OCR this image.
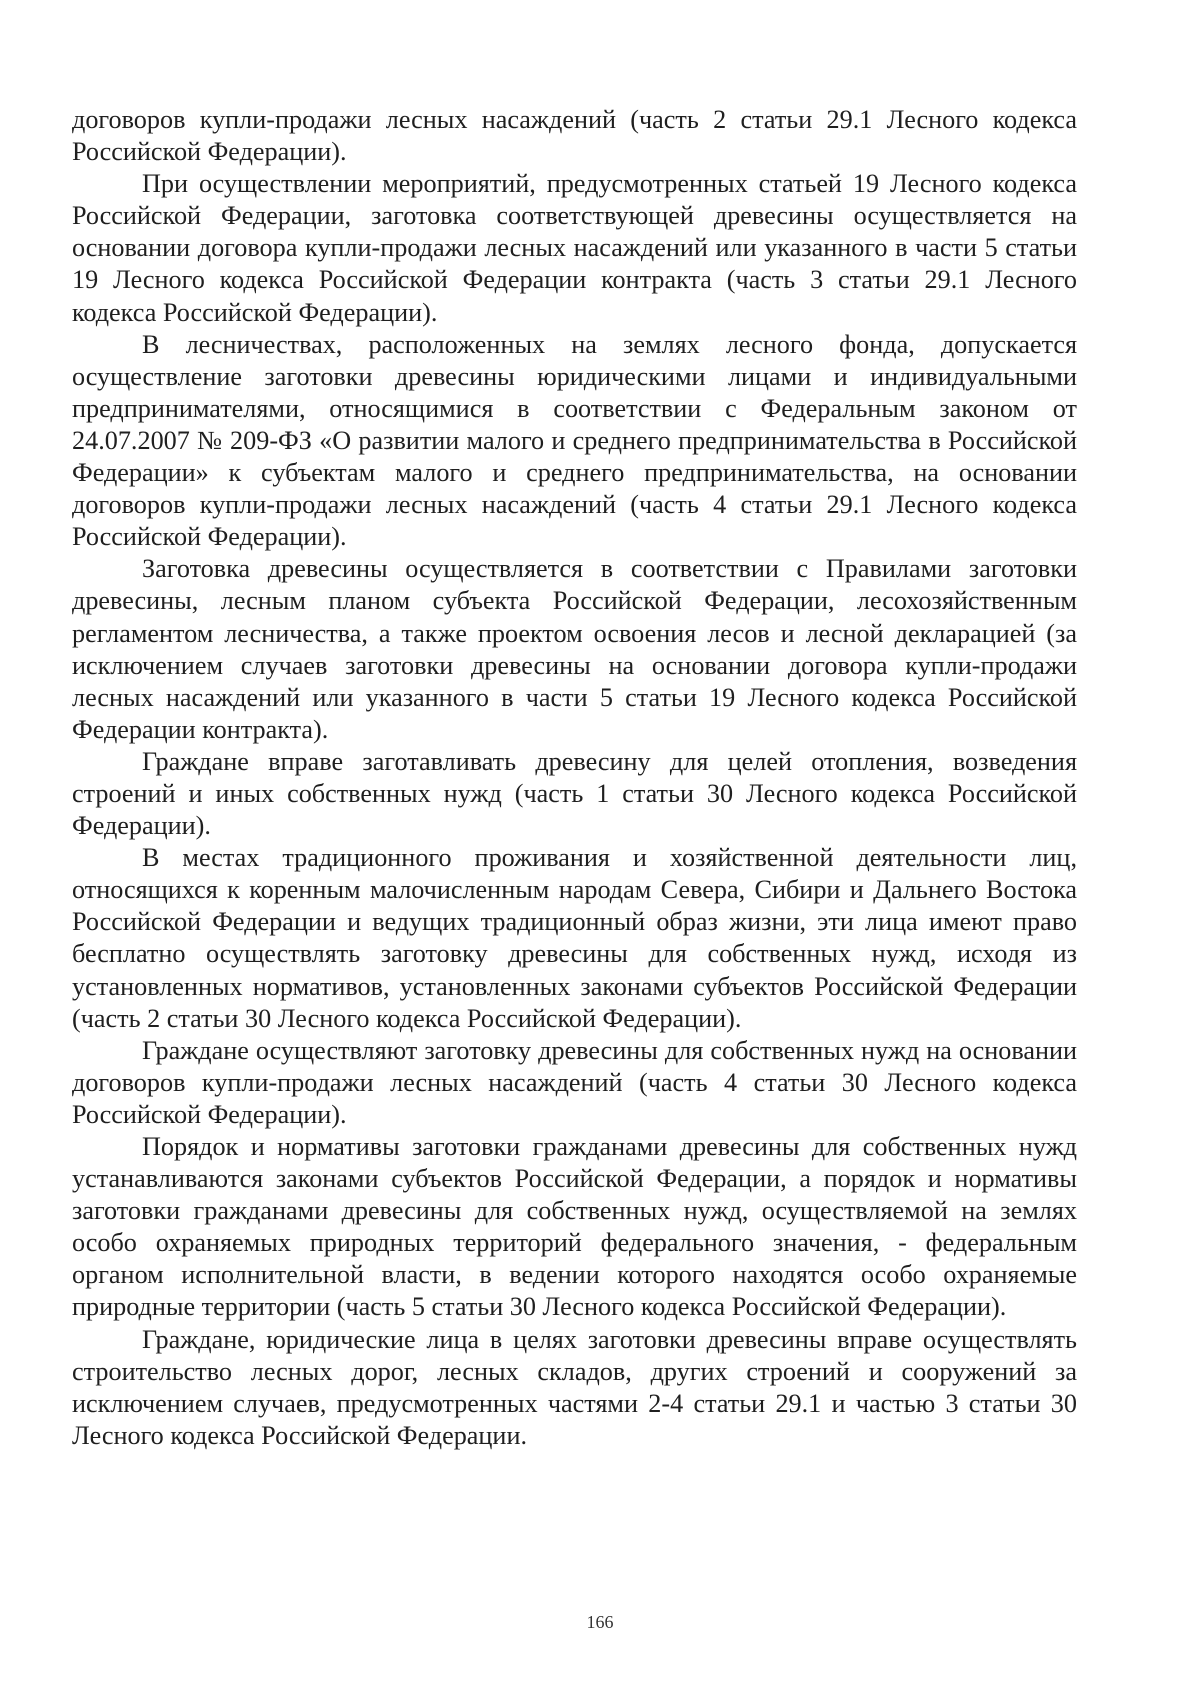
договоров купли-продажи лесных насаждений (часть 2 статьи 29.1 Лесного кодекса Российской Федерации).

При осуществлении мероприятий, предусмотренных статьей 19 Лесного кодекса Российской Федерации, заготовка соответствующей древесины осуществляется на основании договора купли-продажи лесных насаждений или указанного в части 5 статьи 19 Лесного кодекса Российской Федерации контракта (часть 3 статьи 29.1 Лесного кодекса Российской Федерации).

В лесничествах, расположенных на землях лесного фонда, допускается осуществление заготовки древесины юридическими лицами и индивидуальными предпринимателями, относящимися в соответствии с Федеральным законом от 24.07.2007 № 209-ФЗ «О развитии малого и среднего предпринимательства в Российской Федерации» к субъектам малого и среднего предпринимательства, на основании договоров купли-продажи лесных насаждений (часть 4 статьи 29.1 Лесного кодекса Российской Федерации).

Заготовка древесины осуществляется в соответствии с Правилами заготовки древесины, лесным планом субъекта Российской Федерации, лесохозяйственным регламентом лесничества, а также проектом освоения лесов и лесной декларацией (за исключением случаев заготовки древесины на основании договора купли-продажи лесных насаждений или указанного в части 5 статьи 19 Лесного кодекса Российской Федерации контракта).

Граждане вправе заготавливать древесину для целей отопления, возведения строений и иных собственных нужд (часть 1 статьи 30 Лесного кодекса Российской Федерации).

В местах традиционного проживания и хозяйственной деятельности лиц, относящихся к коренным малочисленным народам Севера, Сибири и Дальнего Востока Российской Федерации и ведущих традиционный образ жизни, эти лица имеют право бесплатно осуществлять заготовку древесины для собственных нужд, исходя из установленных нормативов, установленных законами субъектов Российской Федерации (часть 2 статьи 30 Лесного кодекса Российской Федерации).

Граждане осуществляют заготовку древесины для собственных нужд на основании договоров купли-продажи лесных насаждений (часть 4 статьи 30 Лесного кодекса Российской Федерации).

Порядок и нормативы заготовки гражданами древесины для собственных нужд устанавливаются законами субъектов Российской Федерации, а порядок и нормативы заготовки гражданами древесины для собственных нужд, осуществляемой на землях особо охраняемых природных территорий федерального значения, - федеральным органом исполнительной власти, в ведении которого находятся особо охраняемые природные территории (часть 5 статьи 30 Лесного кодекса Российской Федерации).

Граждане, юридические лица в целях заготовки древесины вправе осуществлять строительство лесных дорог, лесных складов, других строений и сооружений за исключением случаев, предусмотренных частями 2-4 статьи 29.1 и частью 3 статьи 30 Лесного кодекса Российской Федерации.

166
